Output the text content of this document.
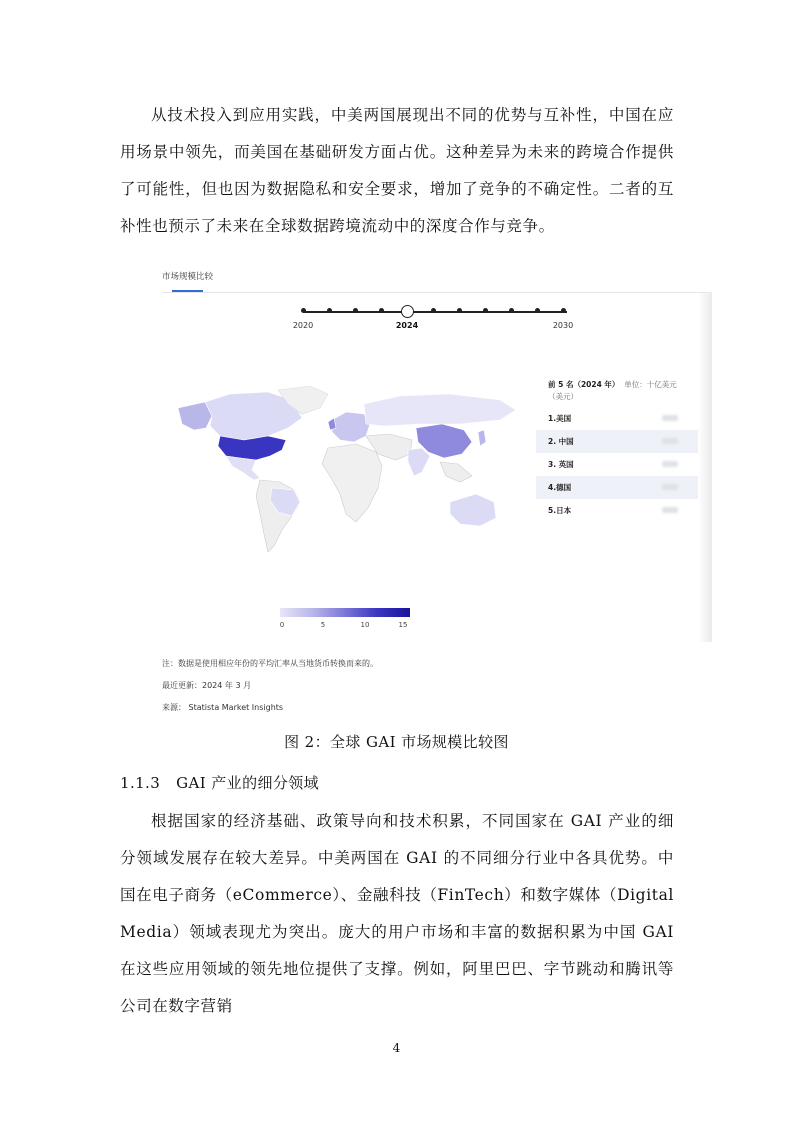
从技术投入到应用实践，中美两国展现出不同的优势与互补性，中国在应用场景中领先，而美国在基础研发方面占优。这种差异为未来的跨境合作提供了可能性，但也因为数据隐私和安全要求，增加了竞争的不确定性。二者的互补性也预示了未来在全球数据跨境流动中的深度合作与竞争。

市场规模比较
2020	2024	2030
0	5	10	15
前 5 名（2024 年） 单位：十亿美元（美元）
1.美国
2. 中国
3. 英国
4.德国
5.日本
注：数据是使用相应年份的平均汇率从当地货币转换而来的。
最近更新：2024 年 3 月
来源： Statista Market Insights
图 2：全球 GAI 市场规模比较图
1.1.3 GAI 产业的细分领域

根据国家的经济基础、政策导向和技术积累，不同国家在 GAI 产业的细分领域发展存在较大差异。中美两国在 GAI 的不同细分行业中各具优势。中国在电子商务（eCommerce）、金融科技（FinTech）和数字媒体（Digital Media）领域表现尤为突出。庞大的用户市场和丰富的数据积累为中国 GAI 在这些应用领域的领先地位提供了支撑。例如，阿里巴巴、字节跳动和腾讯等公司在数字营销

4
